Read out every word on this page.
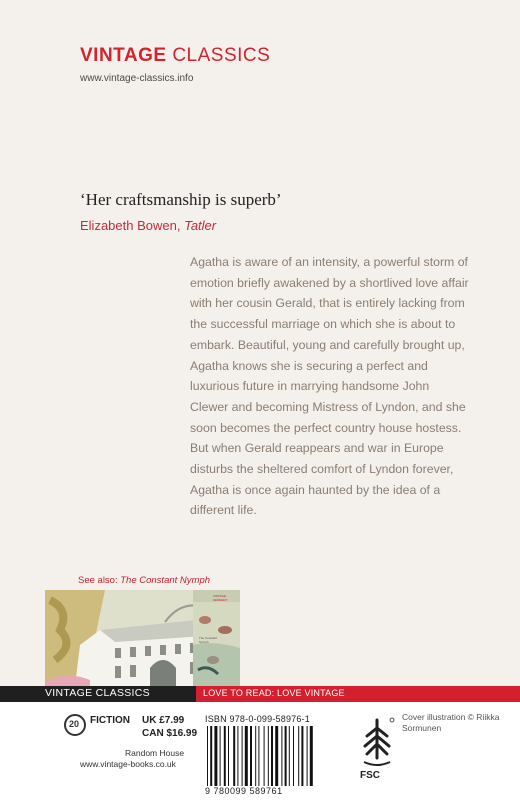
VINTAGE CLASSICS
www.vintage-classics.info
‘Her craftsmanship is superb’
Elizabeth Bowen, Tatler

Agatha is aware of an intensity, a powerful storm of emotion briefly awakened by a shortlived love affair with her cousin Gerald, that is entirely lacking from the successful marriage on which she is about to embark. Beautiful, young and carefully brought up, Agatha knows she is securing a perfect and luxurious future in marrying handsome John Clewer and becoming Mistress of Lyndon, and she soon becomes the perfect country house hostess. But when Gerald reappears and war in Europe disturbs the sheltered comfort of Lyndon forever, Agatha is once again haunted by the idea of a different life.

See also: The Constant Nymph
VINTAGE KENNEDY
The Constant Nymph
VINTAGE CLASSICS	LOVE TO READ: LOVE VINTAGE
20 FICTION UK £7.99
CAN $16.99
Random House
www.vintage-books.co.uk
ISBN 978-0-099-58976-1
9 780099 589761
FSC
Cover illustration © Riikka Sormunen
